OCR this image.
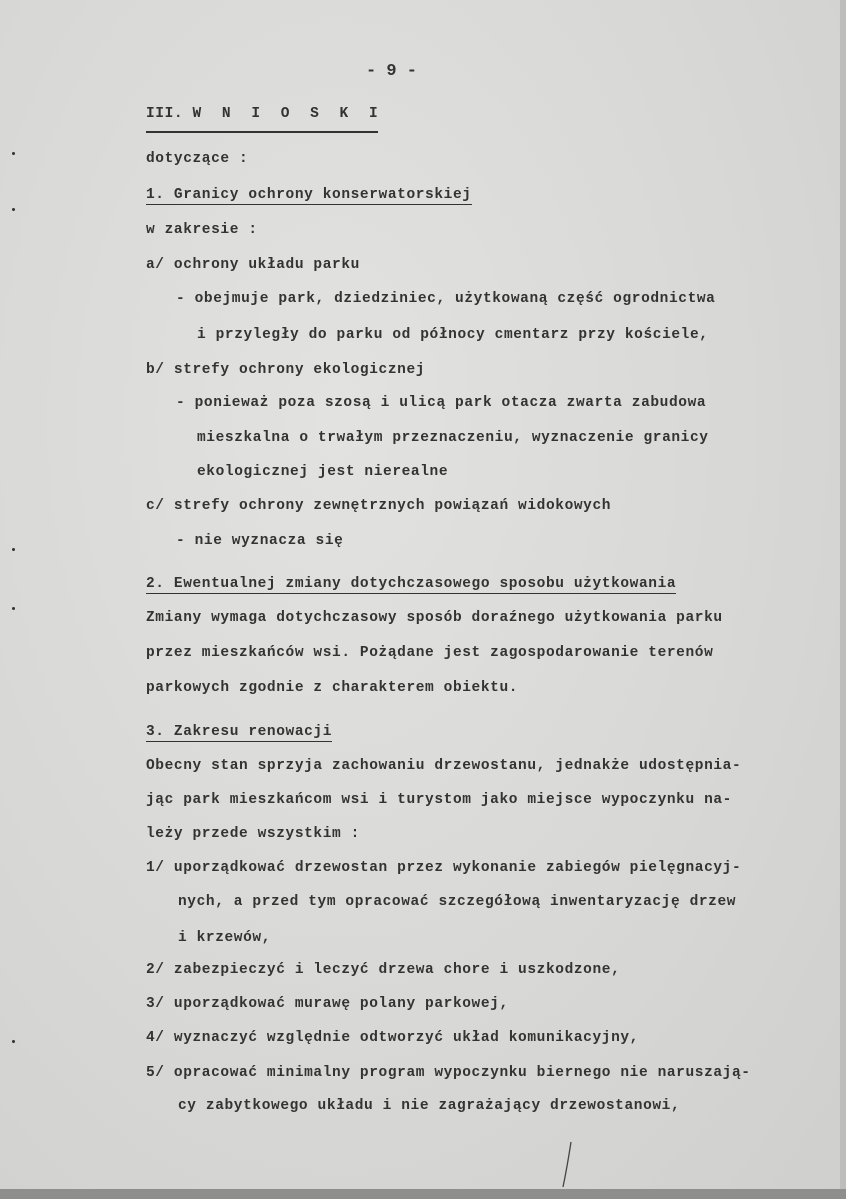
- 9 -
III. W N I O S K I
dotyczące :
1. Granicy ochrony konserwatorskiej
w zakresie :
a/ ochrony układu parku
- obejmuje park, dziedziniec, użytkowaną część ogrodnictwa
i przyległy do parku od północy cmentarz przy kościele,
b/ strefy ochrony ekologicznej
- ponieważ poza szosą i ulicą park otacza zwarta zabudowa
mieszkalna o trwałym przeznaczeniu, wyznaczenie granicy
ekologicznej jest nierealne
c/ strefy ochrony zewnętrznych powiązań widokowych
- nie wyznacza się
2. Ewentualnej zmiany dotychczasowego sposobu użytkowania
Zmiany wymaga dotychczasowy sposób doraźnego użytkowania parku
przez mieszkańców wsi. Pożądane jest zagospodarowanie terenów
parkowych zgodnie z charakterem obiektu.
3. Zakresu renowacji
Obecny stan sprzyja zachowaniu drzewostanu, jednakże udostępnia-
jąc park mieszkańcom wsi i turystom jako miejsce wypoczynku na-
leży przede wszystkim :
1/ uporządkować drzewostan przez wykonanie zabiegów pielęgnacyj-
nych, a przed tym opracować szczegółową inwentaryzację drzew
i krzewów,
2/ zabezpieczyć i leczyć drzewa chore i uszkodzone,
3/ uporządkować murawę polany parkowej,
4/ wyznaczyć względnie odtworzyć układ komunikacyjny,
5/ opracować minimalny program wypoczynku biernego nie naruszają-
cy zabytkowego układu i nie zagrażający drzewostanowi,
